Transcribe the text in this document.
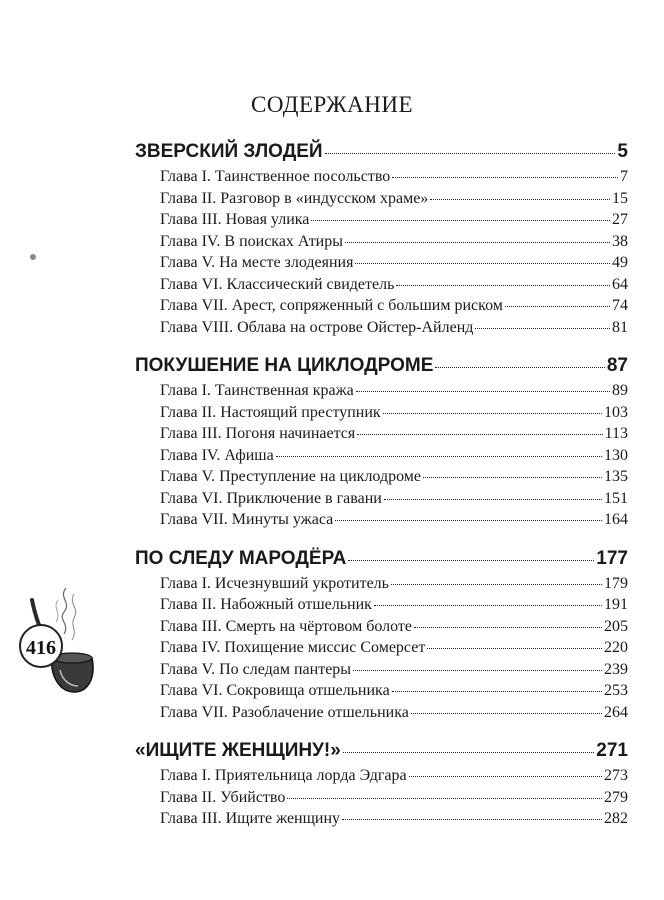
СОДЕРЖАНИЕ
ЗВЕРСКИЙ ЗЛОДЕЙ	5
Глава I. Таинственное посольство	7
Глава II. Разговор в «индусском храме»	15
Глава III. Новая улика	27
Глава IV. В поисках Атиры	38
Глава V. На месте злодеяния	49
Глава VI. Классический свидетель	64
Глава VII. Арест, сопряженный с большим риском	74
Глава VIII. Облава на острове Ойстер-Айленд	81
ПОКУШЕНИЕ НА ЦИКЛОДРОМЕ	87
Глава I. Таинственная кража	89
Глава II. Настоящий преступник	103
Глава III. Погоня начинается	113
Глава IV. Афиша	130
Глава V. Преступление на циклодроме	135
Глава VI. Приключение в гавани	151
Глава VII. Минуты ужаса	164
ПО СЛЕДУ МАРОДЁРА	177
Глава I. Исчезнувший укротитель	179
Глава II. Набожный отшельник	191
Глава III. Смерть на чёртовом болоте	205
Глава IV. Похищение миссис Сомерсет	220
Глава V. По следам пантеры	239
Глава VI. Сокровища отшельника	253
Глава VII. Разоблачение отшельника	264
«ИЩИТЕ ЖЕНЩИНУ!»	271
Глава I. Приятельница лорда Эдгара	273
Глава II. Убийство	279
Глава III. Ищите женщину	282
416
